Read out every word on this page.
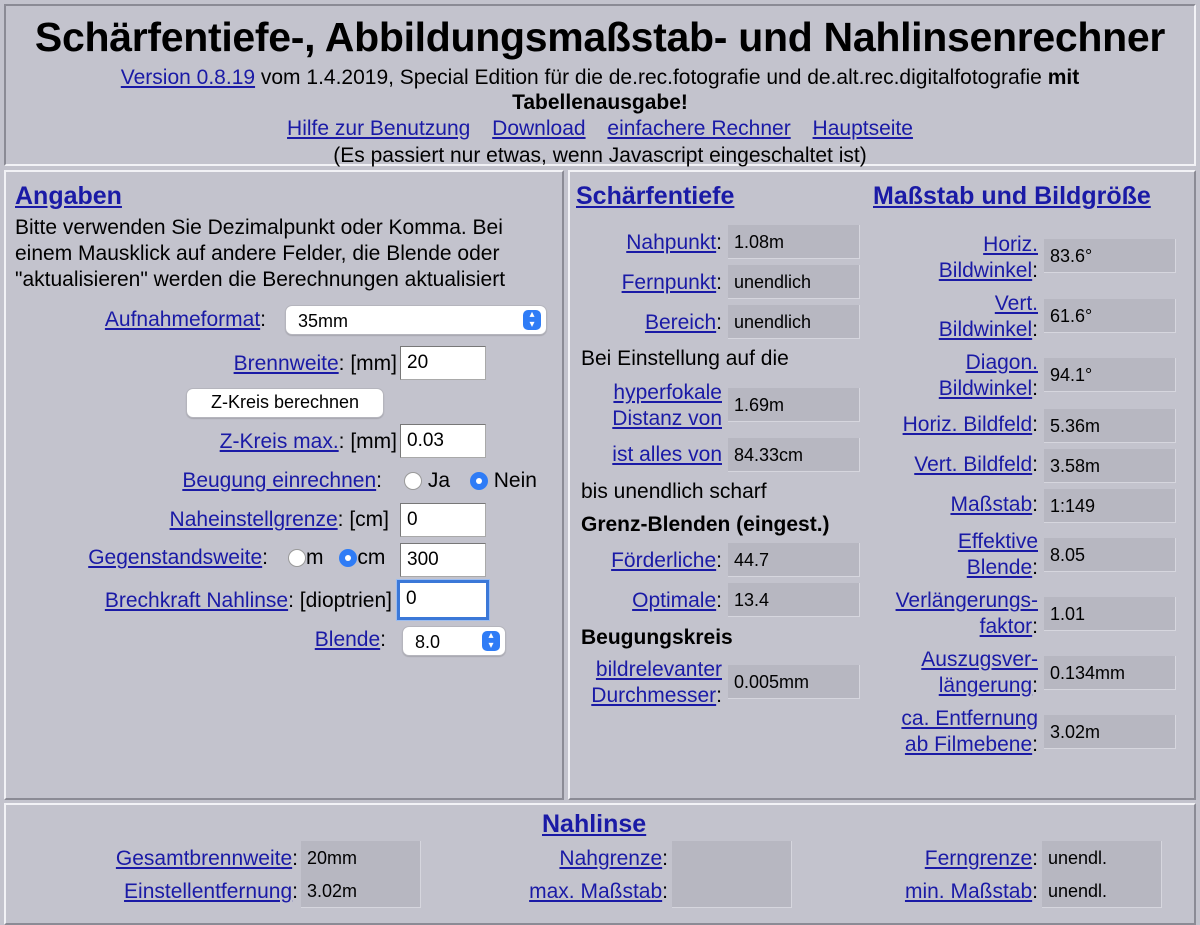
Schärfentiefe-, Abbildungsmaßstab- und Nahlinsenrechner
Version 0.8.19 vom 1.4.2019, Special Edition für die de.rec.fotografie und de.alt.rec.digitalfotografie mit
Tabellenausgabe!
Hilfe zur Benutzung Download einfachere Rechner Hauptseite
(Es passiert nur etwas, wenn Javascript eingeschaltet ist)
Angaben
Bitte verwenden Sie Dezimalpunkt oder Komma. Bei einem Mausklick auf andere Felder, die Blende oder "aktualisieren" werden die Berechnungen aktualisiert
Aufnahmeformat:	35mm	▴
▾
Brennweite: [mm] 20
Z-Kreis berechnen
Z-Kreis max.: [mm] 0.03
Beugung einrechnen:	Ja Nein
Naheinstellgrenze: [cm] 0
Gegenstandsweite:	m cm	300
Brechkraft Nahlinse: [dioptrien] 0
Blende:	8.0	▴
▾
Schärfentiefe
Nahpunkt: 1.08m
Fernpunkt: unendlich
Bereich: unendlich
Bei Einstellung auf die
hyperfokale
Distanz von
1.69m
ist alles von 84.33cm
bis unendlich scharf
Grenz-Blenden (eingest.)
Förderliche: 44.7
Optimale: 13.4
Beugungskreis
bildrelevanter
Durchmesser:
0.005mm
Maßstab und Bildgröße
Horiz.
Bildwinkel:
83.6°
Vert.
Bildwinkel:
61.6°
Diagon.
Bildwinkel:
94.1°
Horiz. Bildfeld: 5.36m
Vert. Bildfeld: 3.58m
Maßstab: 1:149
Effektive
Blende:
8.05
Verlängerungs-
faktor:
1.01
Auszugsver-
längerung:
0.134mm
ca. Entfernung
ab Filmebene:
3.02m
Nahlinse
Gesamtbrennweite: 20mm
Einstellentfernung: 3.02m
Nahgrenze:
max. Maßstab:
Ferngrenze: unendl.
min. Maßstab: unendl.
